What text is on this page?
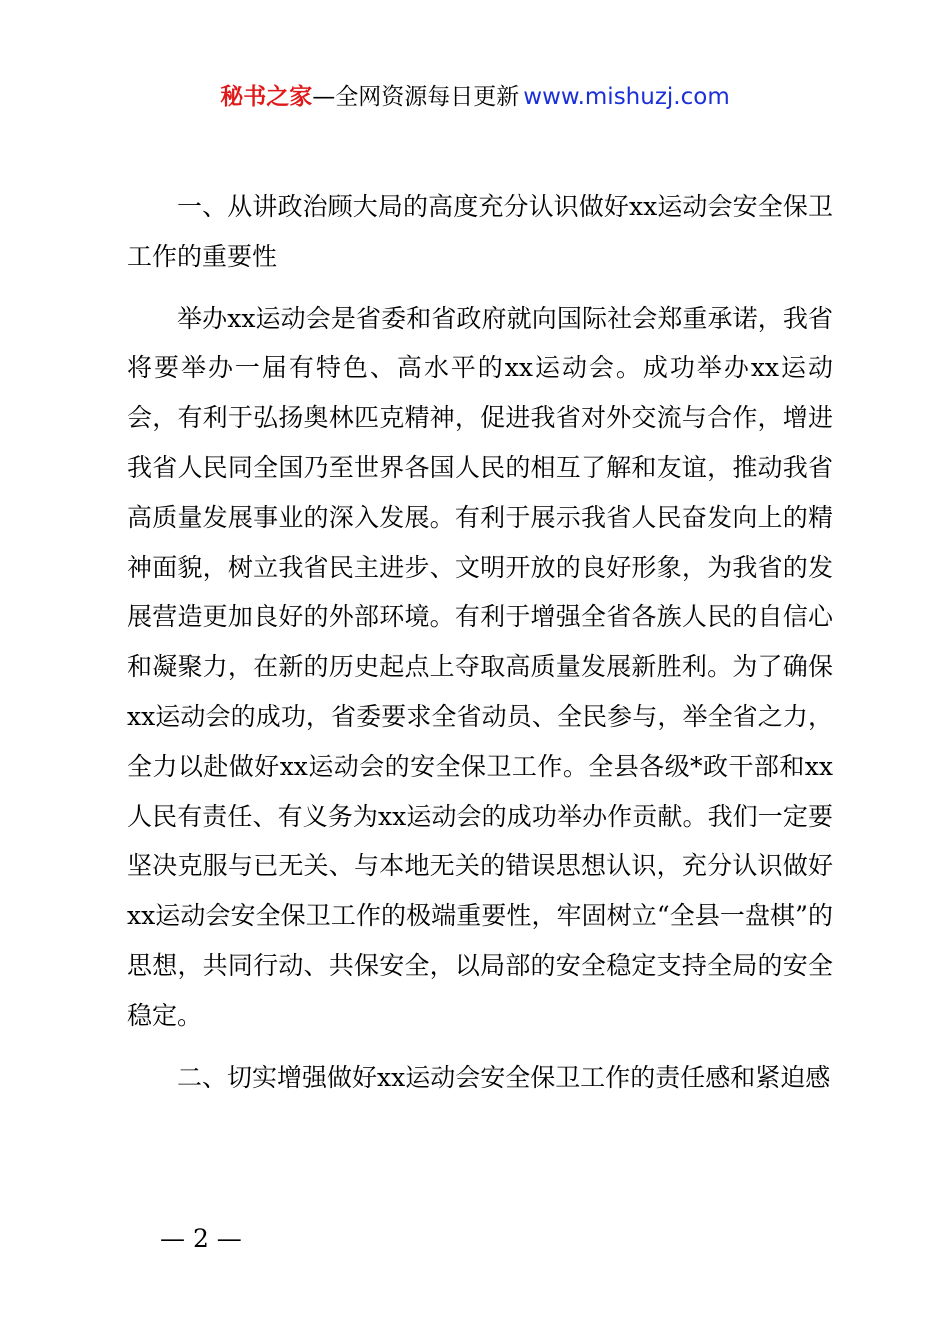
秘书之家—全网资源每日更新 www.mishuzj.com

一、从讲政治顾大局的高度充分认识做好xx运动会安全保卫工作的重要性

举办xx运动会是省委和省政府就向国际社会郑重承诺，我省将要举办一届有特色、高水平的xx运动会。成功举办xx运动会，有利于弘扬奥林匹克精神，促进我省对外交流与合作，增进我省人民同全国乃至世界各国人民的相互了解和友谊，推动我省高质量发展事业的深入发展。有利于展示我省人民奋发向上的精神面貌，树立我省民主进步、文明开放的良好形象，为我省的发展营造更加良好的外部环境。有利于增强全省各族人民的自信心和凝聚力，在新的历史起点上夺取高质量发展新胜利。为了确保xx运动会的成功，省委要求全省动员、全民参与，举全省之力，全力以赴做好xx运动会的安全保卫工作。全县各级*政干部和xx人民有责任、有义务为xx运动会的成功举办作贡献。我们一定要坚决克服与已无关、与本地无关的错误思想认识，充分认识做好xx运动会安全保卫工作的极端重要性，牢固树立“全县一盘棋”的思想，共同行动、共保安全，以局部的安全稳定支持全局的安全稳定。

二、切实增强做好xx运动会安全保卫工作的责任感和紧迫感

— 2 —
